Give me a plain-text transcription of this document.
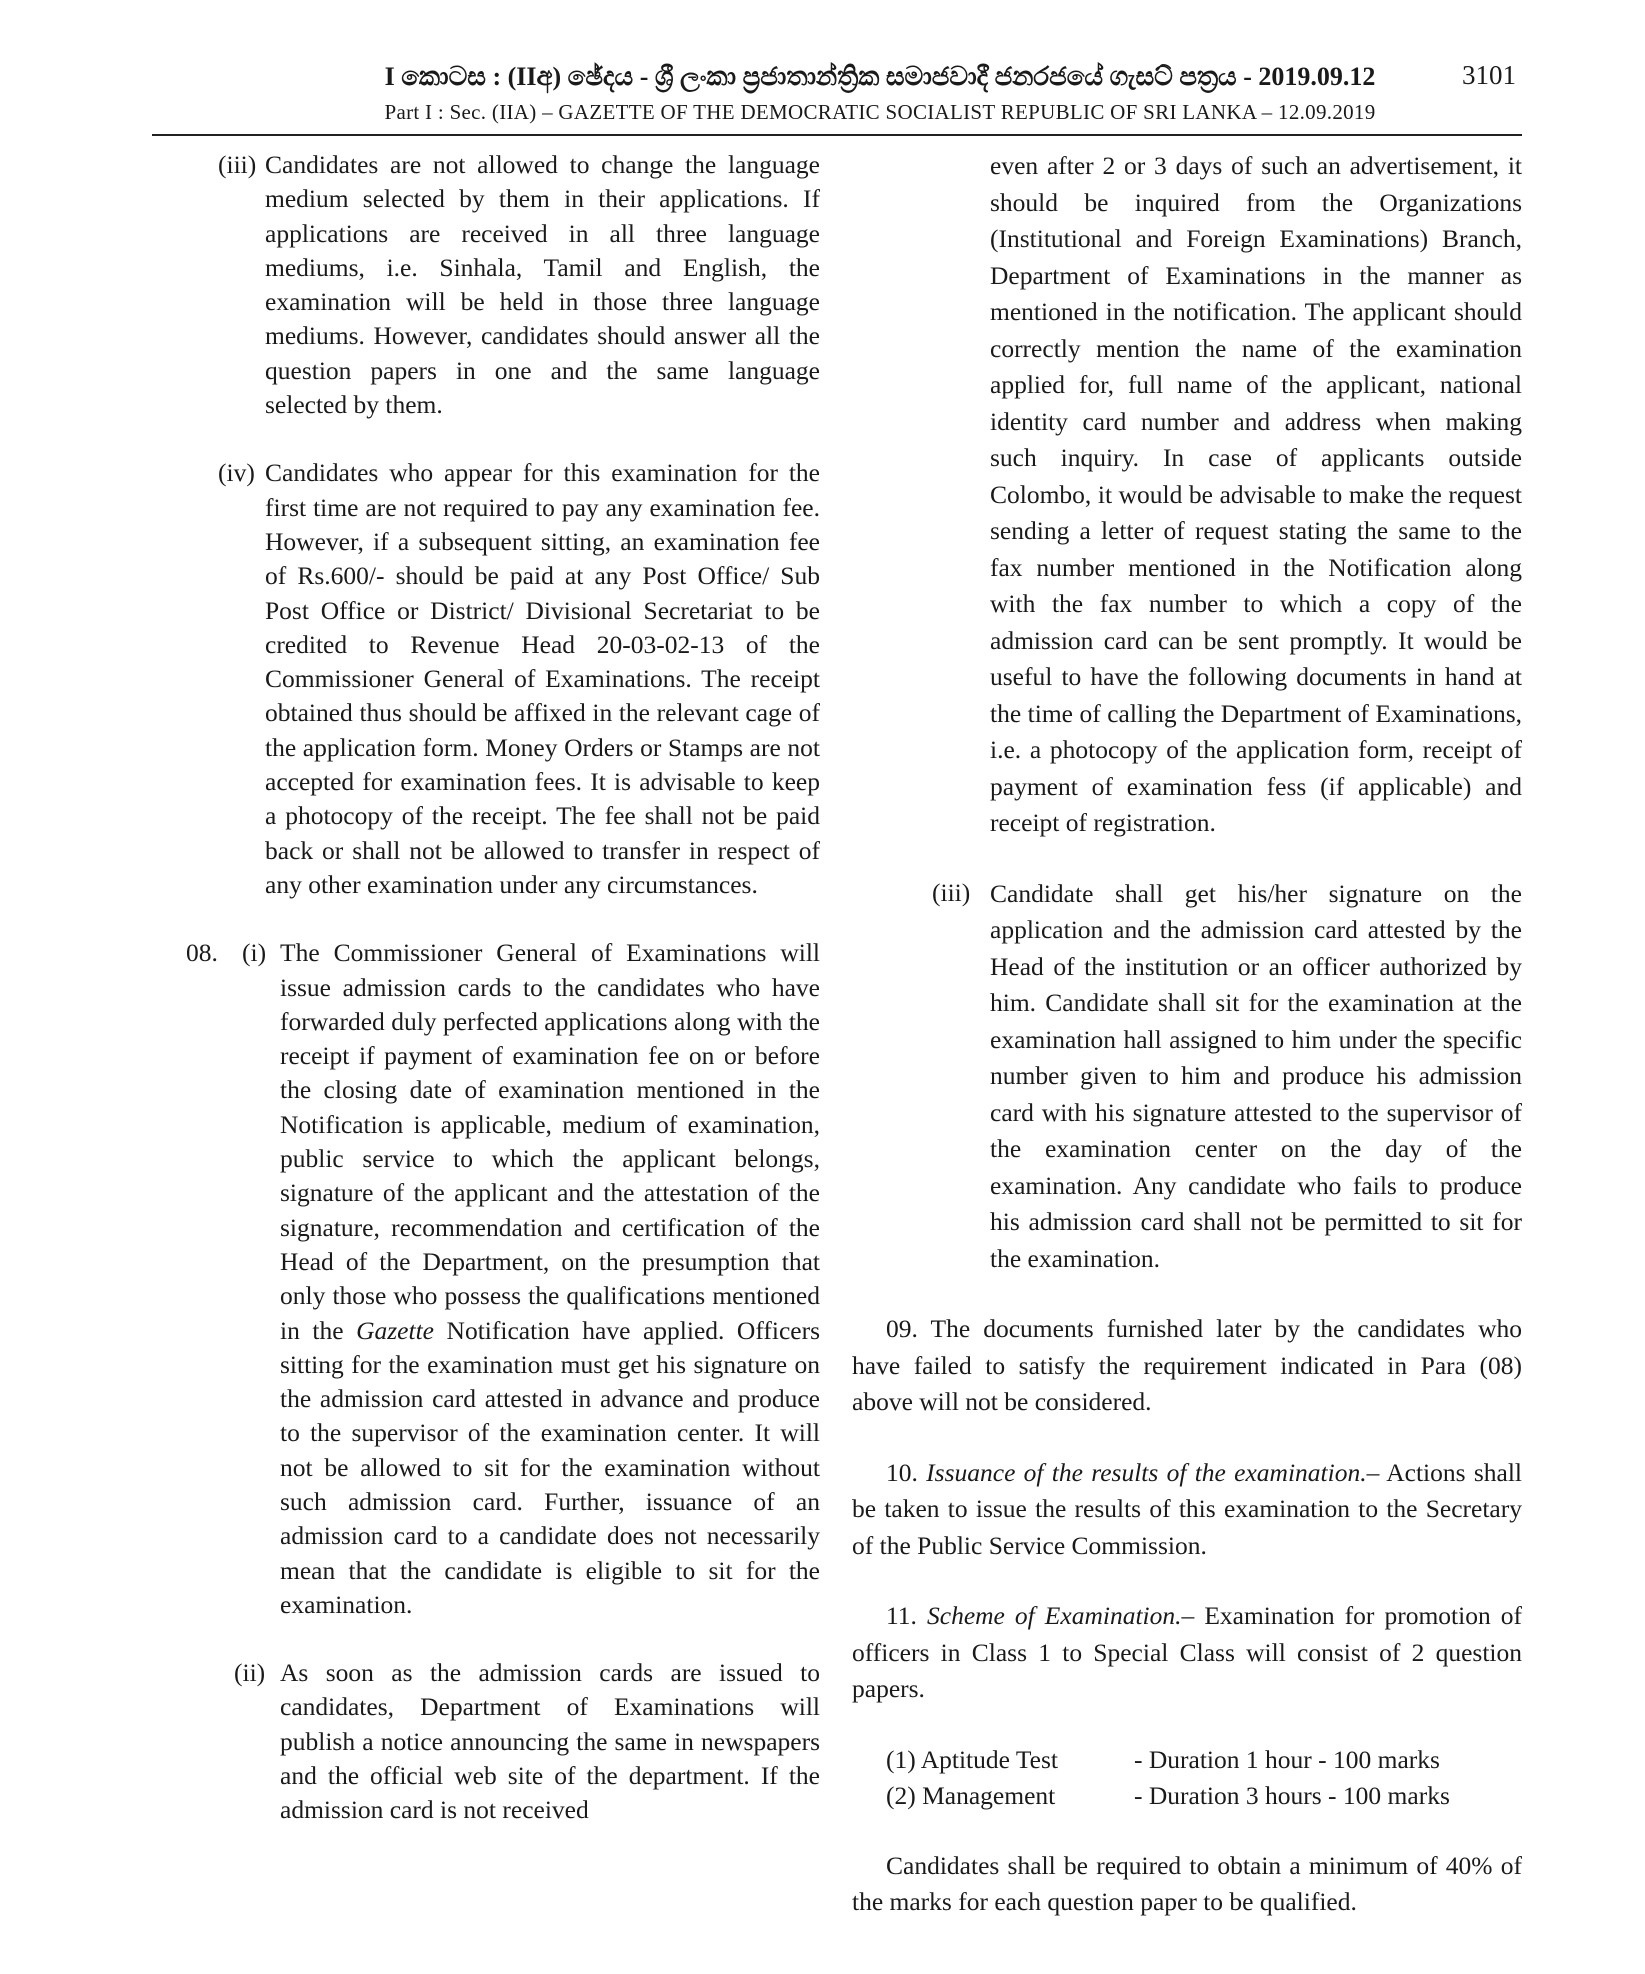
I කොටස : (IIඅ) ඡේදය - ශ්‍රී ලංකා ප්‍රජාතාන්ත්‍රික සමාජවාදී ජනරජයේ ගැසට් පත්‍රය - 2019.09.12	3101
Part I : Sec. (IIA) – GAZETTE OF THE DEMOCRATIC SOCIALIST REPUBLIC OF SRI LANKA – 12.09.2019
(iii) Candidates are not allowed to change the language medium selected by them in their applications. If applications are received in all three language mediums, i.e. Sinhala, Tamil and English, the examination will be held in those three language mediums. However, candidates should answer all the question papers in one and the same language selected by them.

(iv) Candidates who appear for this examination for the first time are not required to pay any examination fee. However, if a subsequent sitting, an examination fee of Rs.600/- should be paid at any Post Office/ Sub Post Office or District/ Divisional Secretariat to be credited to Revenue Head 20-03-02-13 of the Commissioner General of Examinations. The receipt obtained thus should be affixed in the relevant cage of the application form. Money Orders or Stamps are not accepted for examination fees. It is advisable to keep a photocopy of the receipt. The fee shall not be paid back or shall not be allowed to transfer in respect of any other examination under any circumstances.

08. (i) The Commissioner General of Examinations will issue admission cards to the candidates who have forwarded duly perfected applications along with the receipt if payment of examination fee on or before the closing date of examination mentioned in the Notification is applicable, medium of examination, public service to which the applicant belongs, signature of the applicant and the attestation of the signature, recommendation and certification of the Head of the Department, on the presumption that only those who possess the qualifications mentioned in the Gazette Notification have applied. Officers sitting for the examination must get his signature on the admission card attested in advance and produce to the supervisor of the examination center. It will not be allowed to sit for the examination without such admission card. Further, issuance of an admission card to a candidate does not necessarily mean that the candidate is eligible to sit for the examination.

(ii) As soon as the admission cards are issued to candidates, Department of Examinations will publish a notice announcing the same in newspapers and the official web site of the department. If the admission card is not received

even after 2 or 3 days of such an advertisement, it should be inquired from the Organizations (Institutional and Foreign Examinations) Branch, Department of Examinations in the manner as mentioned in the notification. The applicant should correctly mention the name of the examination applied for, full name of the applicant, national identity card number and address when making such inquiry. In case of applicants outside Colombo, it would be advisable to make the request sending a letter of request stating the same to the fax number mentioned in the Notification along with the fax number to which a copy of the admission card can be sent promptly. It would be useful to have the following documents in hand at the time of calling the Department of Examinations, i.e. a photocopy of the application form, receipt of payment of examination fess (if applicable) and receipt of registration.

(iii) Candidate shall get his/her signature on the application and the admission card attested by the Head of the institution or an officer authorized by him. Candidate shall sit for the examination at the examination hall assigned to him under the specific number given to him and produce his admission card with his signature attested to the supervisor of the examination center on the day of the examination. Any candidate who fails to produce his admission card shall not be permitted to sit for the examination.

09. The documents furnished later by the candidates who have failed to satisfy the requirement indicated in Para (08) above will not be considered.

10. Issuance of the results of the examination.– Actions shall be taken to issue the results of this examination to the Secretary of the Public Service Commission.

11. Scheme of Examination.– Examination for promotion of officers in Class 1 to Special Class will consist of 2 question papers.

(1) Aptitude Test	- Duration 1 hour - 100 marks
(2) Management	- Duration 3 hours - 100 marks

Candidates shall be required to obtain a minimum of 40% of the marks for each question paper to be qualified.
